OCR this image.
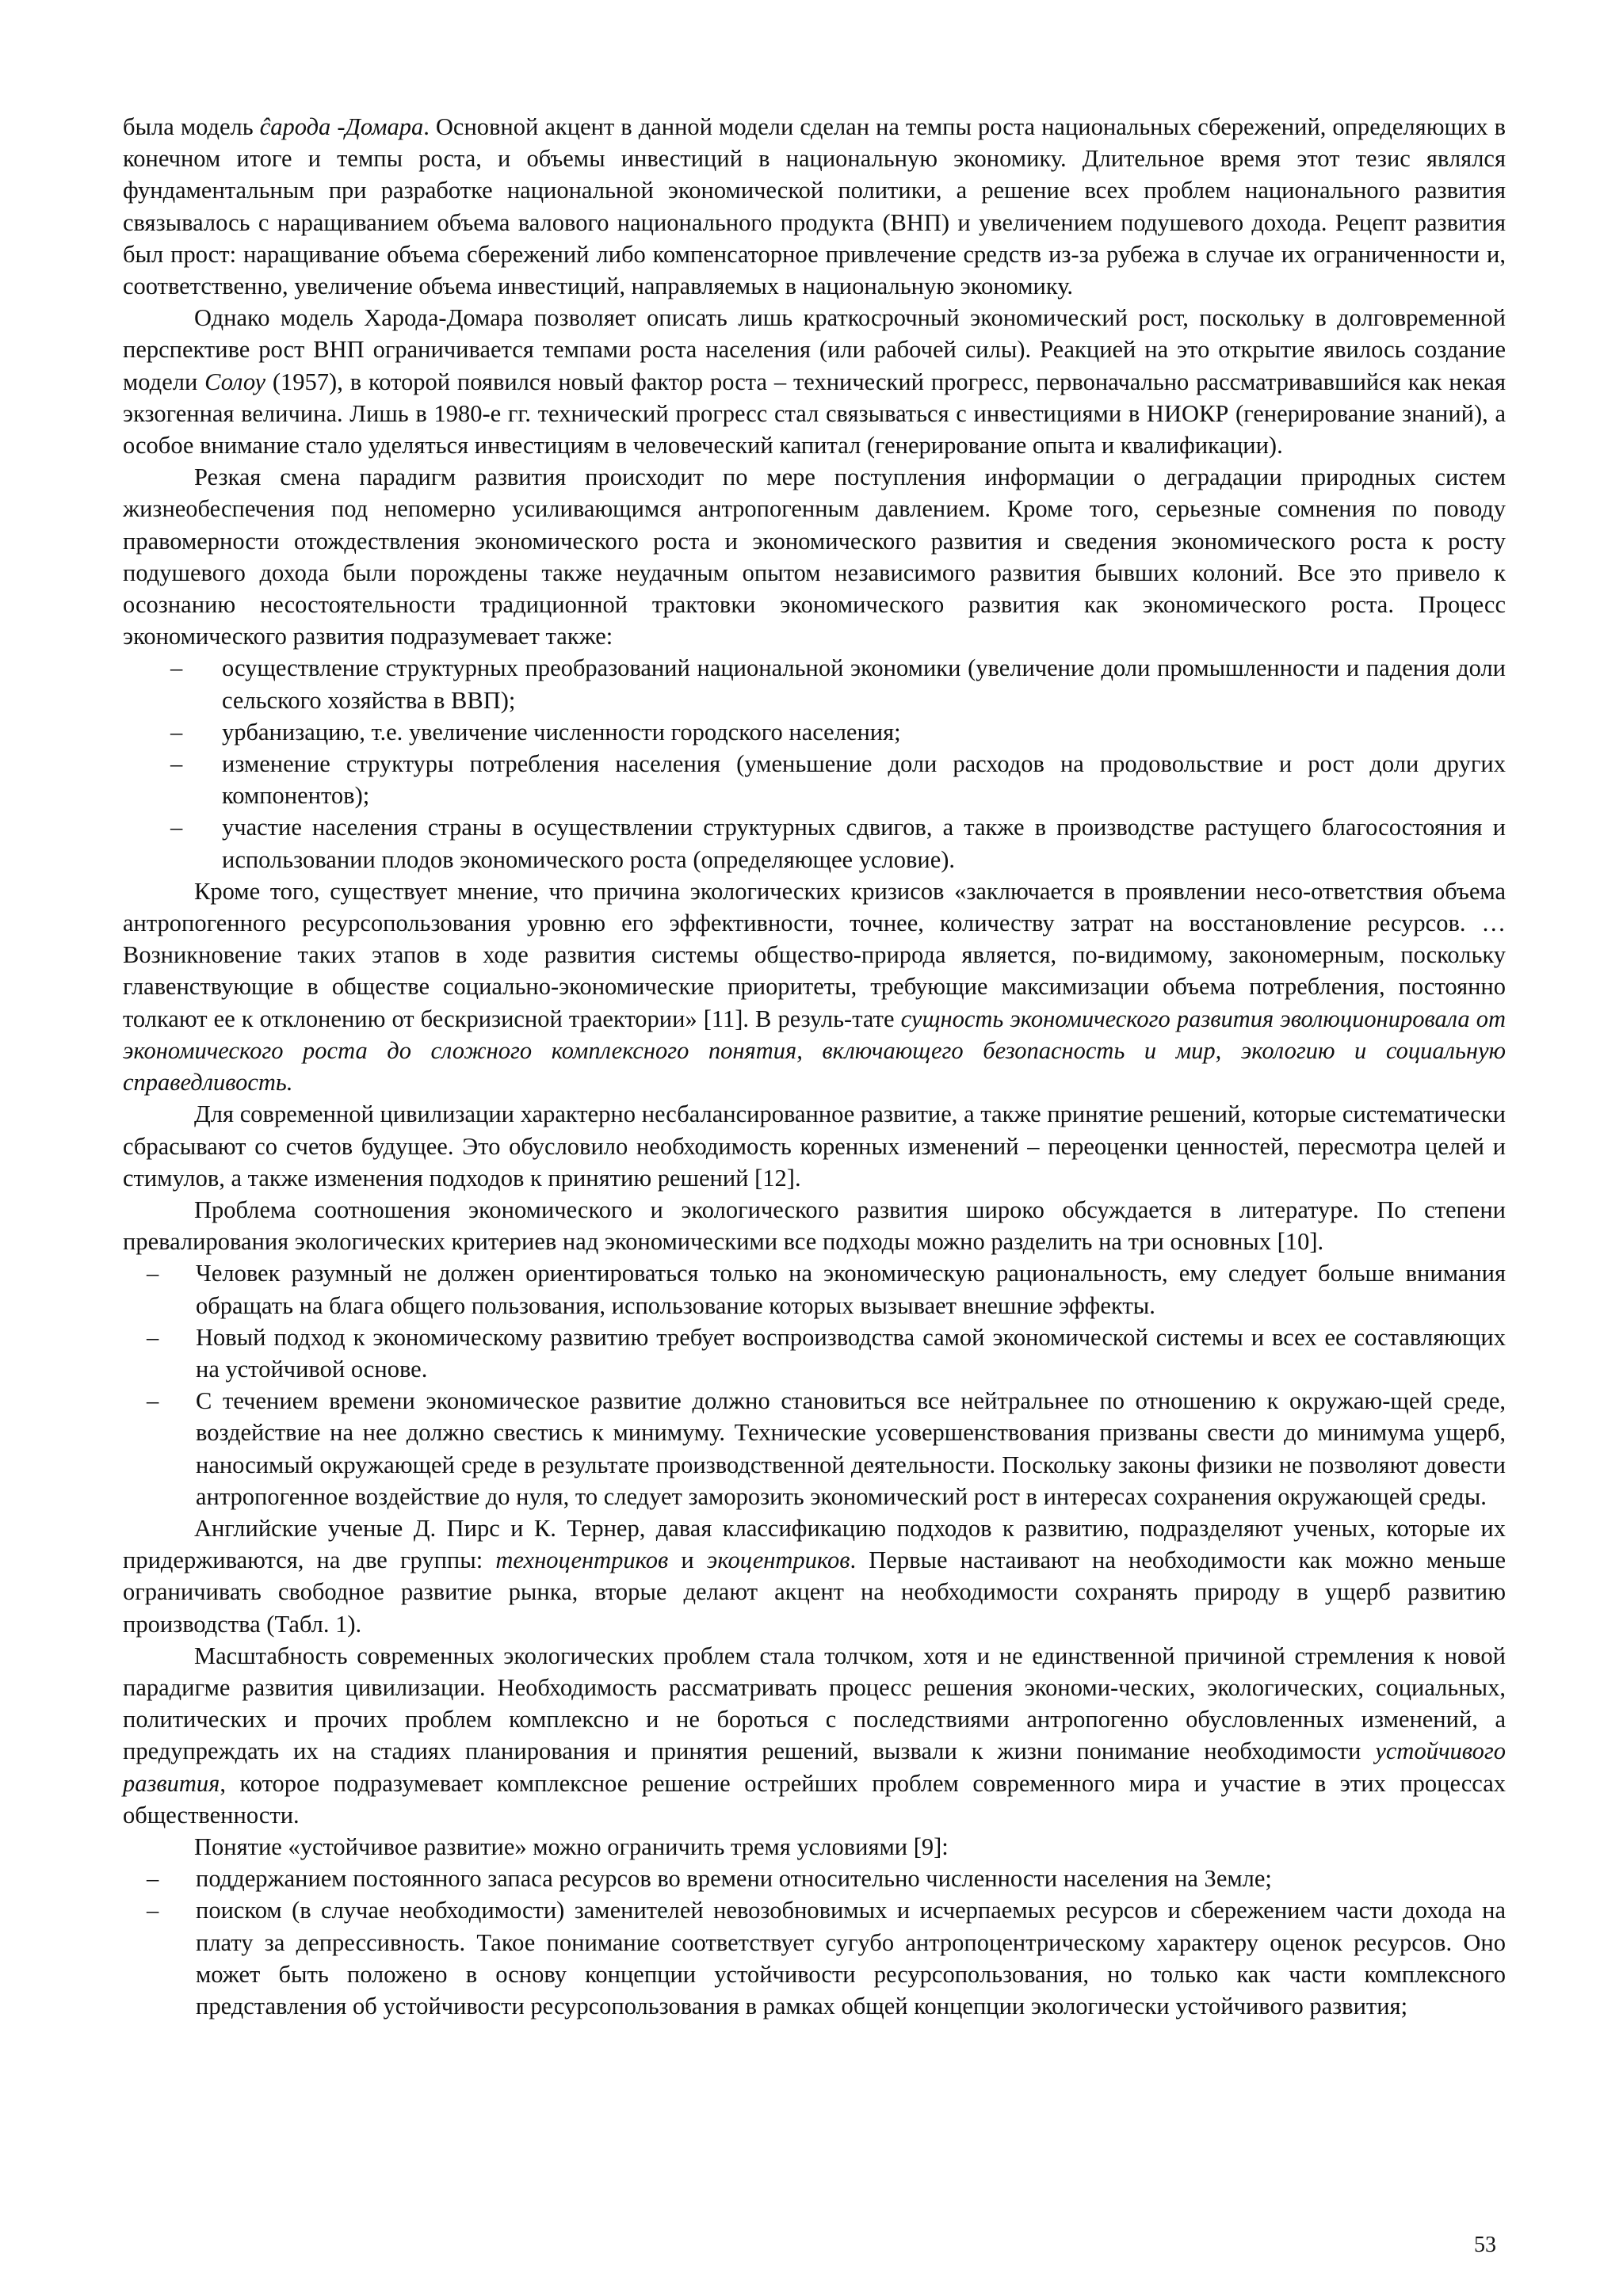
была модель ĉарода -Домара. Основной акцент в данной модели сделан на темпы роста национальных сбережений, определяющих в конечном итоге и темпы роста, и объемы инвестиций в национальную экономику. Длительное время этот тезис являлся фундаментальным при разработке национальной экономической политики, а решение всех проблем национального развития связывалось с наращиванием объема валового национального продукта (ВНП) и увеличением подушевого дохода. Рецепт развития был прост: наращивание объема сбережений либо компенсаторное привлечение средств из-за рубежа в случае их ограниченности и, соответственно, увеличение объема инвестиций, направляемых в национальную экономику.

Однако модель Харода-Домара позволяет описать лишь краткосрочный экономический рост, поскольку в долговременной перспективе рост ВНП ограничивается темпами роста населения (или рабочей силы). Реакцией на это открытие явилось создание модели Солоу (1957), в которой появился новый фактор роста – технический прогресс, первоначально рассматривавшийся как некая экзогенная величина. Лишь в 1980-е гг. технический прогресс стал связываться с инвестициями в НИОКР (генерирование знаний), а особое внимание стало уделяться инвестициям в человеческий капитал (генерирование опыта и квалификации).

Резкая смена парадигм развития происходит по мере поступления информации о деградации природных систем жизнеобеспечения под непомерно усиливающимся антропогенным давлением. Кроме того, серьезные сомнения по поводу правомерности отождествления экономического роста и экономического развития и сведения экономического роста к росту подушевого дохода были порождены также неудачным опытом независимого развития бывших колоний. Все это привело к осознанию несостоятельности традиционной трактовки экономического развития как экономического роста. Процесс экономического развития подразумевает также:

– осуществление структурных преобразований национальной экономики (увеличение доли промышленности и падения доли сельского хозяйства в ВВП);
– урбанизацию, т.е. увеличение численности городского населения;
– изменение структуры потребления населения (уменьшение доли расходов на продовольствие и рост доли других компонентов);
– участие населения страны в осуществлении структурных сдвигов, а также в производстве растущего благосостояния и использовании плодов экономического роста (определяющее условие).

Кроме того, существует мнение, что причина экологических кризисов «заключается в проявлении несо-ответствия объема антропогенного ресурсопользования уровню его эффективности, точнее, количеству затрат на восстановление ресурсов. …Возникновение таких этапов в ходе развития системы общество-природа является, по-видимому, закономерным, поскольку главенствующие в обществе социально-экономические приоритеты, требующие максимизации объема потребления, постоянно толкают ее к отклонению от бескризисной траектории» [11]. В резуль-тате сущность экономического развития эволюционировала от экономического роста до сложного комплексного понятия, включающего безопасность и мир, экологию и социальную справедливость.

Для современной цивилизации характерно несбалансированное развитие, а также принятие решений, которые систематически сбрасывают со счетов будущее. Это обусловило необходимость коренных изменений – переоценки ценностей, пересмотра целей и стимулов, а также изменения подходов к принятию решений [12].

Проблема соотношения экономического и экологического развития широко обсуждается в литературе. По степени превалирования экологических критериев над экономическими все подходы можно разделить на три основных [10].

– Человек разумный не должен ориентироваться только на экономическую рациональность, ему следует больше внимания обращать на блага общего пользования, использование которых вызывает внешние эффекты.
– Новый подход к экономическому развитию требует воспроизводства самой экономической системы и всех ее составляющих на устойчивой основе.
– С течением времени экономическое развитие должно становиться все нейтральнее по отношению к окружаю-щей среде, воздействие на нее должно свестись к минимуму. Технические усовершенствования призваны свести до минимума ущерб, наносимый окружающей среде в результате производственной деятельности. Поскольку законы физики не позволяют довести антропогенное воздействие до нуля, то следует заморозить экономический рост в интересах сохранения окружающей среды.

Английские ученые Д. Пирс и К. Тернер, давая классификацию подходов к развитию, подразделяют ученых, которые их придерживаются, на две группы: техноцентриков и экоцентриков. Первые настаивают на необходимости как можно меньше ограничивать свободное развитие рынка, вторые делают акцент на необходимости сохранять природу в ущерб развитию производства (Табл. 1).

Масштабность современных экологических проблем стала толчком, хотя и не единственной причиной стремления к новой парадигме развития цивилизации. Необходимость рассматривать процесс решения экономи-ческих, экологических, социальных, политических и прочих проблем комплексно и не бороться с последствиями антропогенно обусловленных изменений, а предупреждать их на стадиях планирования и принятия решений, вызвали к жизни понимание необходимости устойчивого развития, которое подразумевает комплексное решение острейших проблем современного мира и участие в этих процессах общественности.

Понятие «устойчивое развитие» можно ограничить тремя условиями [9]:

– поддержанием постоянного запаса ресурсов во времени относительно численности населения на Земле;
– поиском (в случае необходимости) заменителей невозобновимых и исчерпаемых ресурсов и сбережением части дохода на плату за депрессивность. Такое понимание соответствует сугубо антропоцентрическому характеру оценок ресурсов. Оно может быть положено в основу концепции устойчивости ресурсопользования, но только как части комплексного представления об устойчивости ресурсопользования в рамках общей концепции экологически устойчивого развития;
53
